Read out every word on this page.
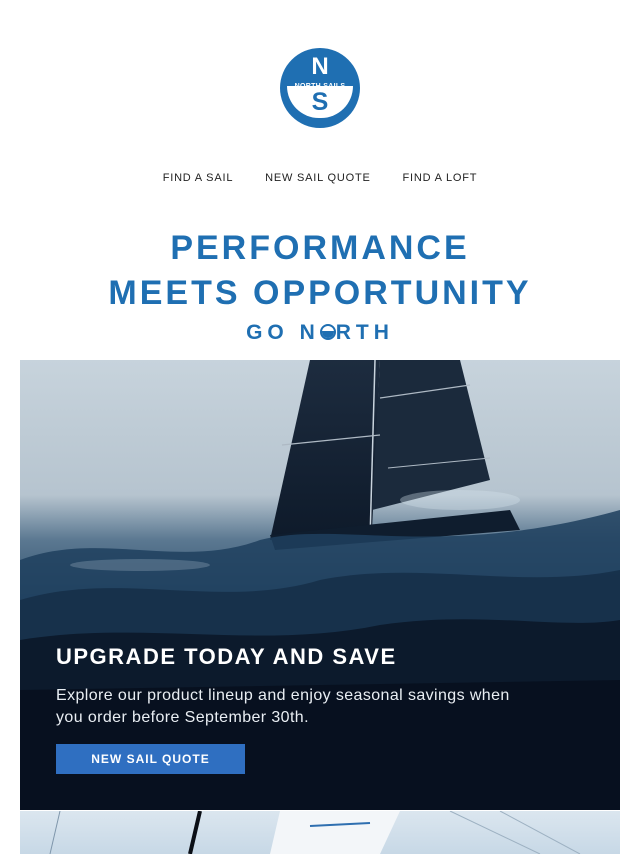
N
S
FIND A SAIL	NEW SAIL QUOTE	FIND A LOFT
PERFORMANCE
MEETS OPPORTUNITY
GO N RTH
UPGRADE TODAY AND SAVE
Explore our product lineup and enjoy seasonal savings when you order before September 30th.
NEW SAIL QUOTE
